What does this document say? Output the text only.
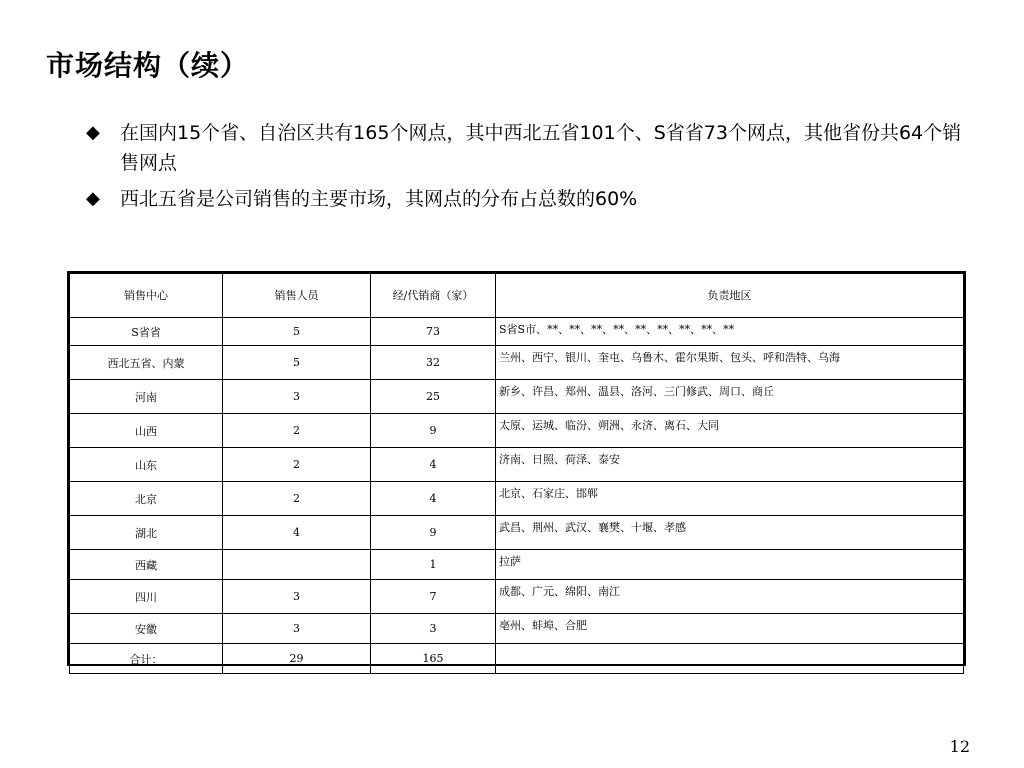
市场结构（续）
◆ 在国内15个省、自治区共有165个网点，其中西北五省101个、S省省73个网点，其他省份共64个销售网点
◆ 西北五省是公司销售的主要市场，其网点的分布占总数的60%
销售中心	销售人员	经/代销商（家）	负责地区
S省省	5	73	S省S市、**、**、**、**、**、**、**、**、**
西北五省、内蒙	5	32	兰州、西宁、银川、奎屯、乌鲁木、霍尔果斯、包头、呼和浩特、乌海
河南	3	25	新乡、许昌、郑州、温县、洛河、三门修武、周口、商丘
山西	2	9	太原、运城、临汾、朔洲、永济、离石、大同
山东	2	4	济南、日照、荷泽、泰安
北京	2	4	北京、石家庄、邯郸
湖北	4	9	武昌、荆州、武汉、襄樊、十堰、孝感
西藏		1	拉萨
四川	3	7	成都、广元、绵阳、南江
安徽	3	3	亳州、蚌埠、合肥
合计：	29	165	
12
